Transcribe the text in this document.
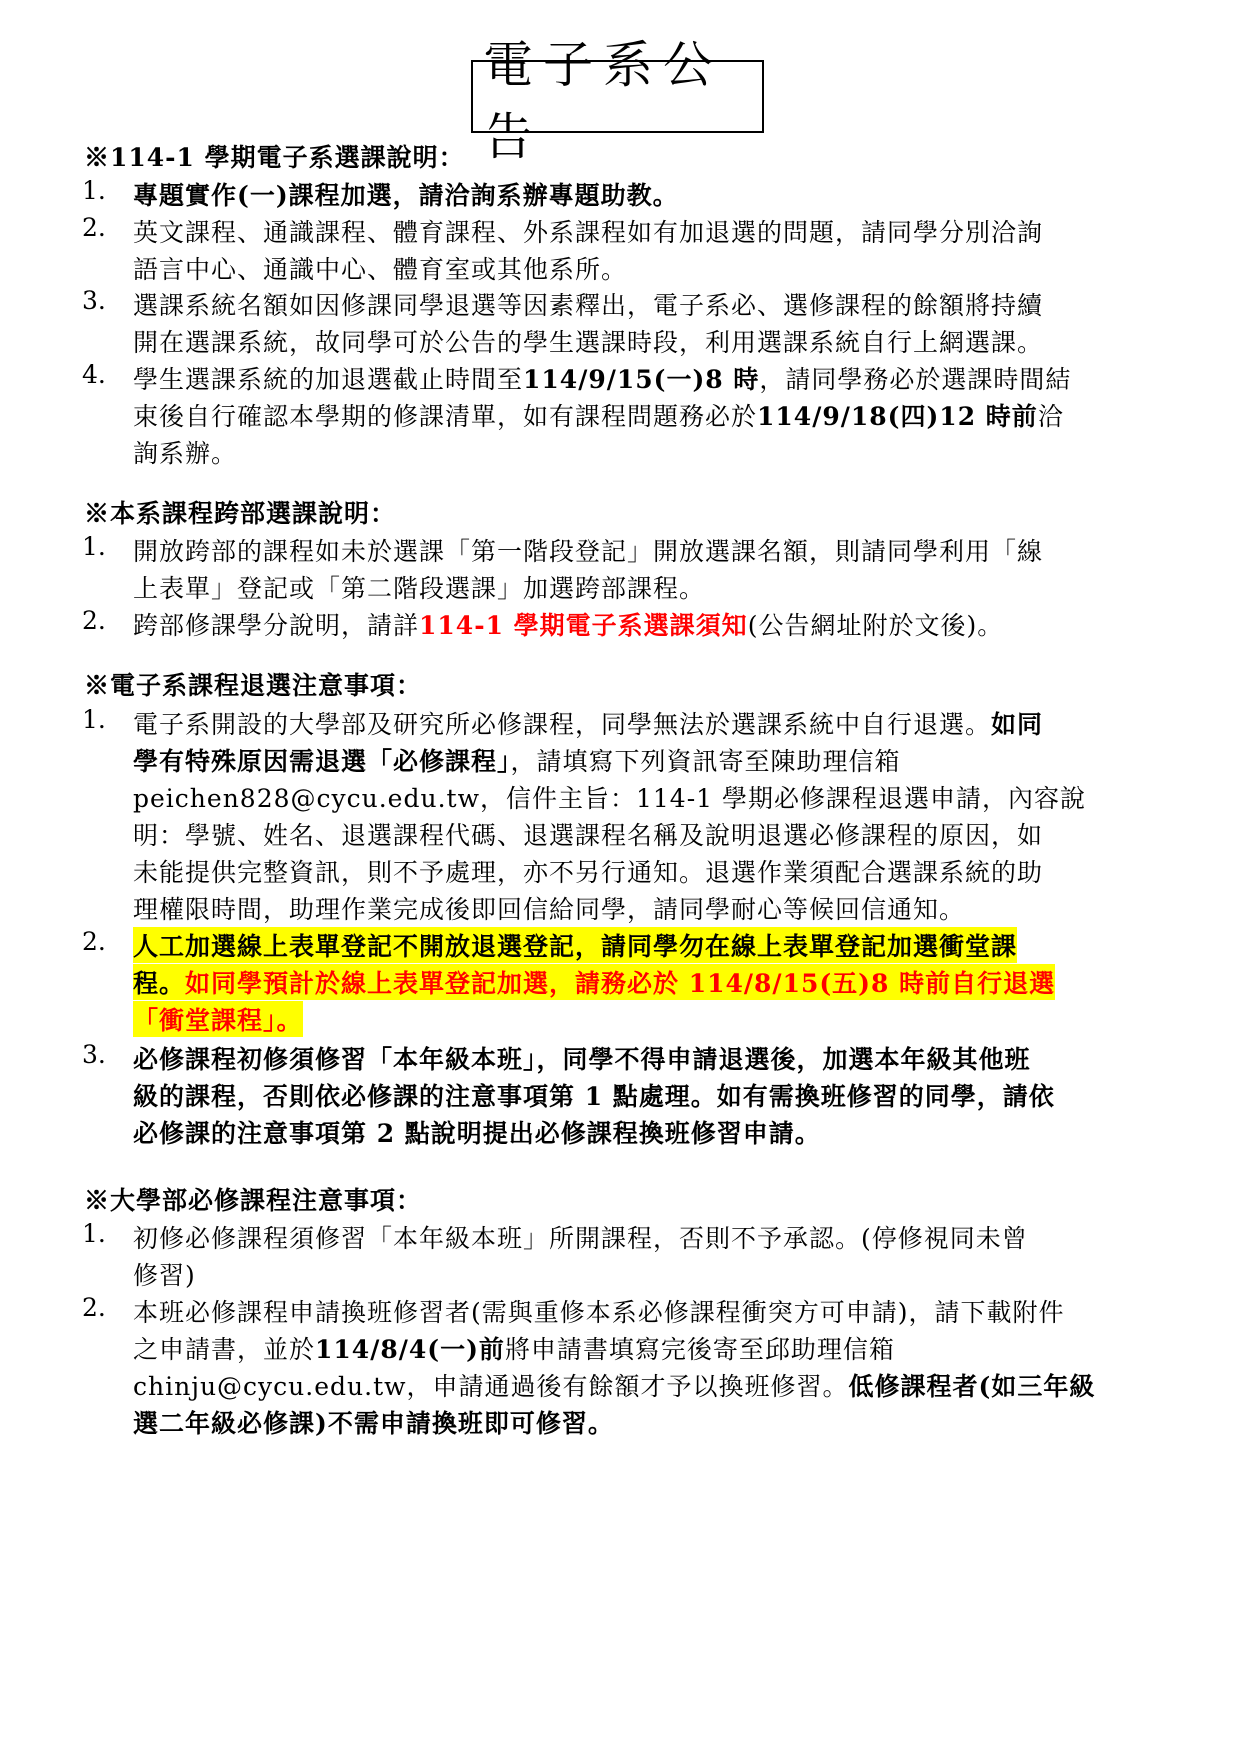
電子系公告
※114-1 學期電子系選課說明：
1. 專題實作(一)課程加選，請洽詢系辦專題助教。
2. 英文課程、通識課程、體育課程、外系課程如有加退選的問題，請同學分別洽詢
語言中心、通識中心、體育室或其他系所。
3. 選課系統名額如因修課同學退選等因素釋出，電子系必、選修課程的餘額將持續
開在選課系統，故同學可於公告的學生選課時段，利用選課系統自行上網選課。
4. 學生選課系統的加退選截止時間至114/9/15(一)8 時，請同學務必於選課時間結
束後自行確認本學期的修課清單，如有課程問題務必於114/9/18(四)12 時前洽
詢系辦。
※本系課程跨部選課說明：
1. 開放跨部的課程如未於選課「第一階段登記」開放選課名額，則請同學利用「線
上表單」登記或「第二階段選課」加選跨部課程。
2. 跨部修課學分說明，請詳114-1 學期電子系選課須知(公告網址附於文後)。
※電子系課程退選注意事項：
1. 電子系開設的大學部及研究所必修課程，同學無法於選課系統中自行退選。如同
學有特殊原因需退選「必修課程」，請填寫下列資訊寄至陳助理信箱
peichen828@cycu.edu.tw，信件主旨：114-1 學期必修課程退選申請，內容說
明：學號、姓名、退選課程代碼、退選課程名稱及說明退選必修課程的原因，如
未能提供完整資訊，則不予處理，亦不另行通知。退選作業須配合選課系統的助
理權限時間，助理作業完成後即回信給同學，請同學耐心等候回信通知。
2. 人工加選線上表單登記不開放退選登記，請同學勿在線上表單登記加選衝堂課
程。如同學預計於線上表單登記加選，請務必於 114/8/15(五)8 時前自行退選
「衝堂課程」。
3. 必修課程初修須修習「本年級本班」，同學不得申請退選後，加選本年級其他班
級的課程，否則依必修課的注意事項第 1 點處理。如有需換班修習的同學，請依
必修課的注意事項第 2 點說明提出必修課程換班修習申請。
※大學部必修課程注意事項：
1. 初修必修課程須修習「本年級本班」所開課程，否則不予承認。(停修視同未曾
修習)
2. 本班必修課程申請換班修習者(需與重修本系必修課程衝突方可申請)，請下載附件
之申請書，並於114/8/4(一)前將申請書填寫完後寄至邱助理信箱
chinju@cycu.edu.tw，申請通過後有餘額才予以換班修習。低修課程者(如三年級
選二年級必修課)不需申請換班即可修習。
